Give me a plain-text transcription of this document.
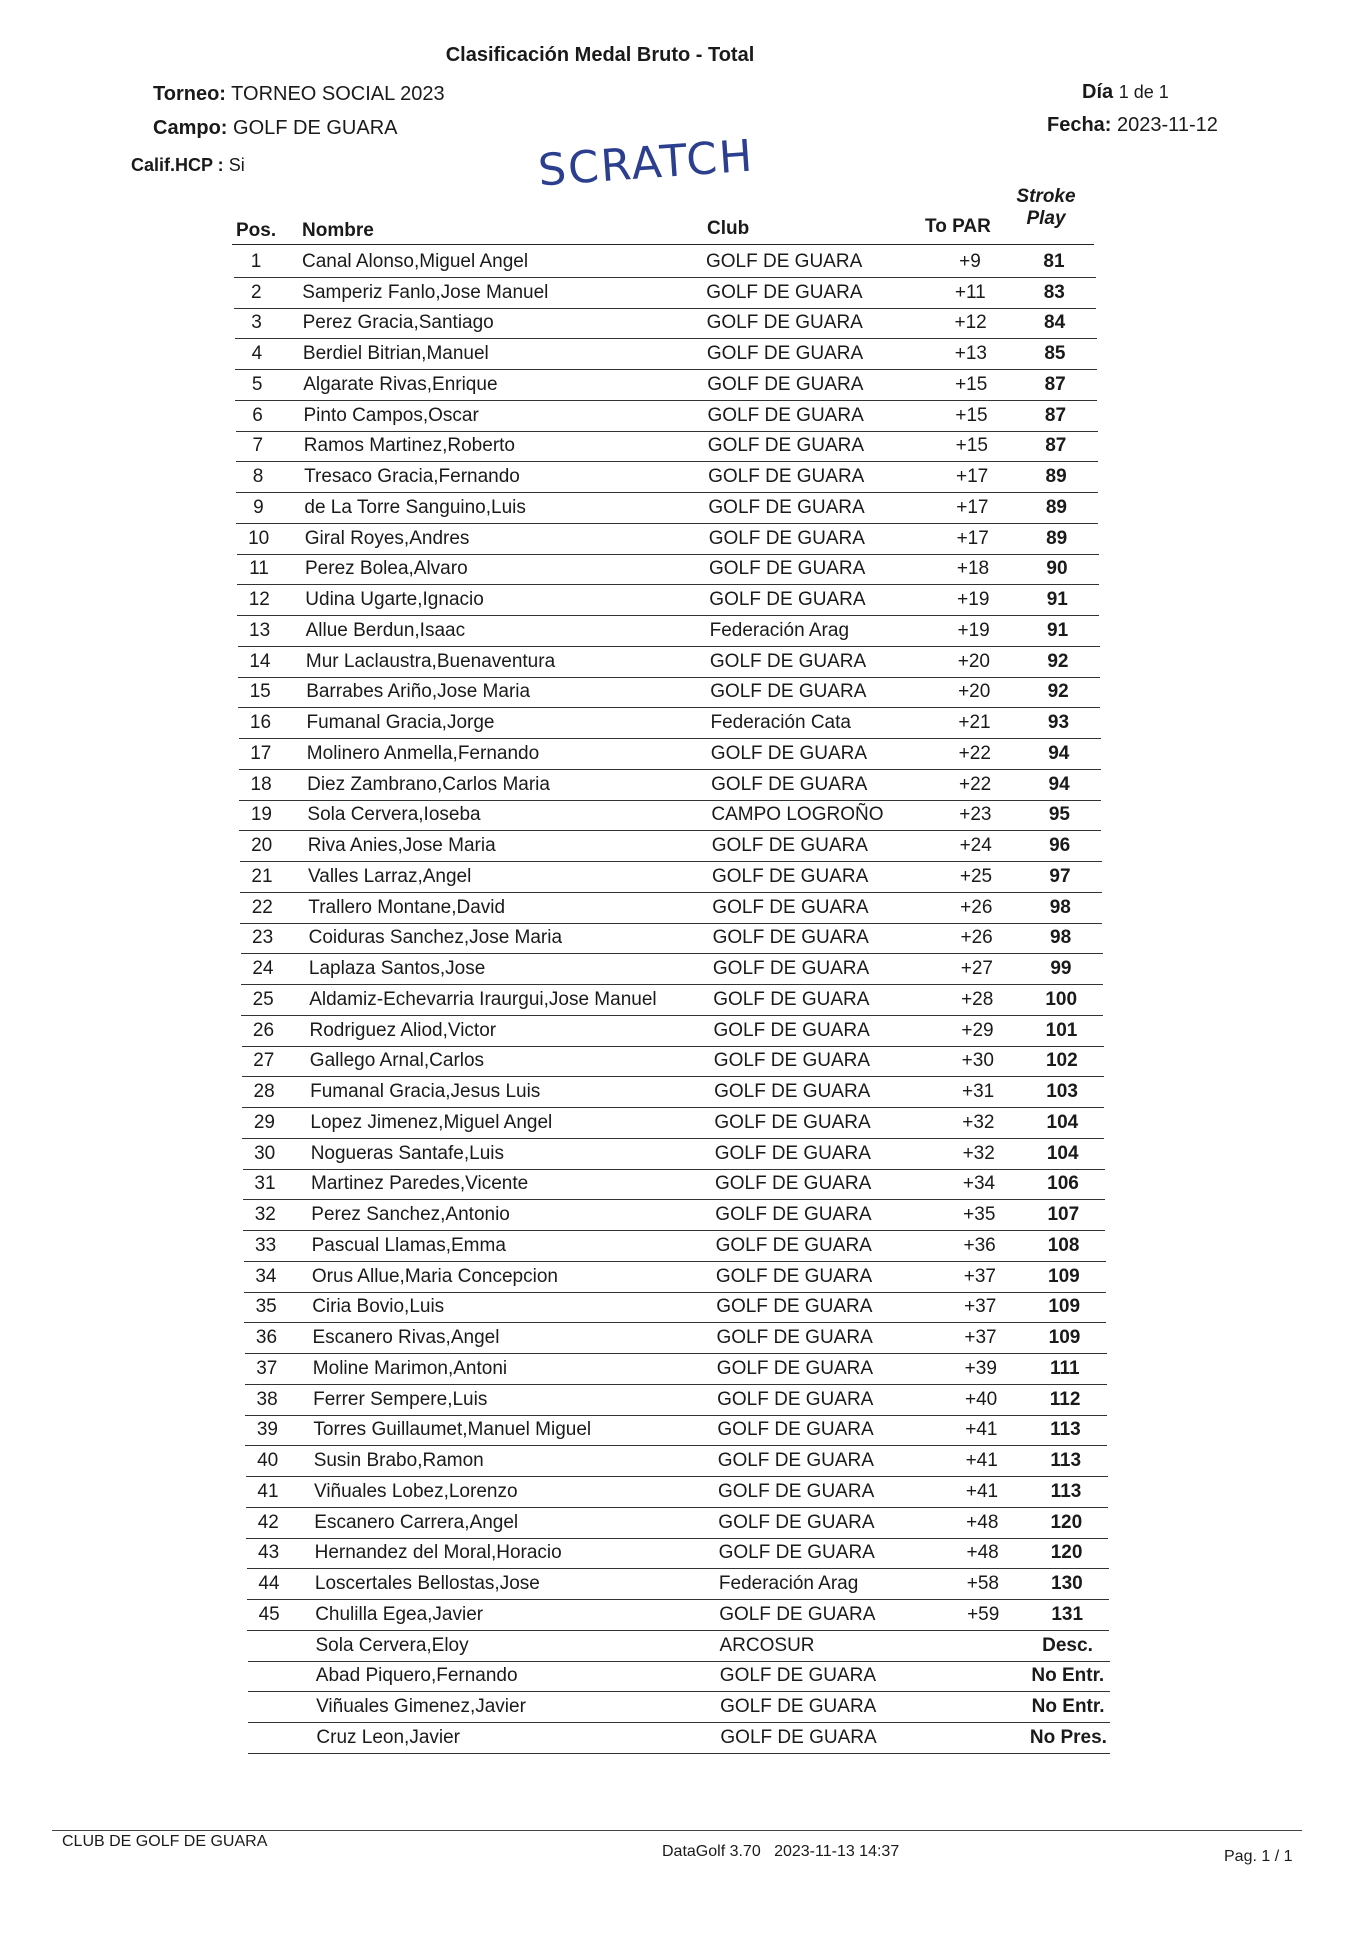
Clasificación Medal Bruto - Total
Torneo: TORNEO SOCIAL 2023
Campo: GOLF DE GUARA
Calif.HCP : Si
Día 1 de 1
Fecha: 2023-11-12
SCRATCH
Pos. Nombre	Club	To PAR
Stroke
Play
1	Canal Alonso,Miguel Angel	GOLF DE GUARA	+9	81
2	Samperiz Fanlo,Jose Manuel	GOLF DE GUARA	+11	83
3	Perez Gracia,Santiago	GOLF DE GUARA	+12	84
4	Berdiel Bitrian,Manuel	GOLF DE GUARA	+13	85
5	Algarate Rivas,Enrique	GOLF DE GUARA	+15	87
6	Pinto Campos,Oscar	GOLF DE GUARA	+15	87
7	Ramos Martinez,Roberto	GOLF DE GUARA	+15	87
8	Tresaco Gracia,Fernando	GOLF DE GUARA	+17	89
9	de La Torre Sanguino,Luis	GOLF DE GUARA	+17	89
10	Giral Royes,Andres	GOLF DE GUARA	+17	89
11	Perez Bolea,Alvaro	GOLF DE GUARA	+18	90
12	Udina Ugarte,Ignacio	GOLF DE GUARA	+19	91
13	Allue Berdun,Isaac	Federación Arag	+19	91
14	Mur Laclaustra,Buenaventura	GOLF DE GUARA	+20	92
15	Barrabes Ariño,Jose Maria	GOLF DE GUARA	+20	92
16	Fumanal Gracia,Jorge	Federación Cata	+21	93
17	Molinero Anmella,Fernando	GOLF DE GUARA	+22	94
18	Diez Zambrano,Carlos Maria	GOLF DE GUARA	+22	94
19	Sola Cervera,Ioseba	CAMPO LOGROÑO	+23	95
20	Riva Anies,Jose Maria	GOLF DE GUARA	+24	96
21	Valles Larraz,Angel	GOLF DE GUARA	+25	97
22	Trallero Montane,David	GOLF DE GUARA	+26	98
23	Coiduras Sanchez,Jose Maria	GOLF DE GUARA	+26	98
24	Laplaza Santos,Jose	GOLF DE GUARA	+27	99
25	Aldamiz-Echevarria Iraurgui,Jose Manuel	GOLF DE GUARA	+28	100
26	Rodriguez Aliod,Victor	GOLF DE GUARA	+29	101
27	Gallego Arnal,Carlos	GOLF DE GUARA	+30	102
28	Fumanal Gracia,Jesus Luis	GOLF DE GUARA	+31	103
29	Lopez Jimenez,Miguel Angel	GOLF DE GUARA	+32	104
30	Nogueras Santafe,Luis	GOLF DE GUARA	+32	104
31	Martinez Paredes,Vicente	GOLF DE GUARA	+34	106
32	Perez Sanchez,Antonio	GOLF DE GUARA	+35	107
33	Pascual Llamas,Emma	GOLF DE GUARA	+36	108
34	Orus Allue,Maria Concepcion	GOLF DE GUARA	+37	109
35	Ciria Bovio,Luis	GOLF DE GUARA	+37	109
36	Escanero Rivas,Angel	GOLF DE GUARA	+37	109
37	Moline Marimon,Antoni	GOLF DE GUARA	+39	111
38	Ferrer Sempere,Luis	GOLF DE GUARA	+40	112
39	Torres Guillaumet,Manuel Miguel	GOLF DE GUARA	+41	113
40	Susin Brabo,Ramon	GOLF DE GUARA	+41	113
41	Viñuales Lobez,Lorenzo	GOLF DE GUARA	+41	113
42	Escanero Carrera,Angel	GOLF DE GUARA	+48	120
43	Hernandez del Moral,Horacio	GOLF DE GUARA	+48	120
44	Loscertales Bellostas,Jose	Federación Arag	+58	130
45	Chulilla Egea,Javier	GOLF DE GUARA	+59	131
Sola Cervera,Eloy	ARCOSUR	Desc.
Abad Piquero,Fernando	GOLF DE GUARA	No Entr.
Viñuales Gimenez,Javier	GOLF DE GUARA	No Entr.
Cruz Leon,Javier	GOLF DE GUARA	No Pres.
CLUB DE GOLF DE GUARA
DataGolf 3.70 2023-11-13 14:37	Pag. 1 / 1
